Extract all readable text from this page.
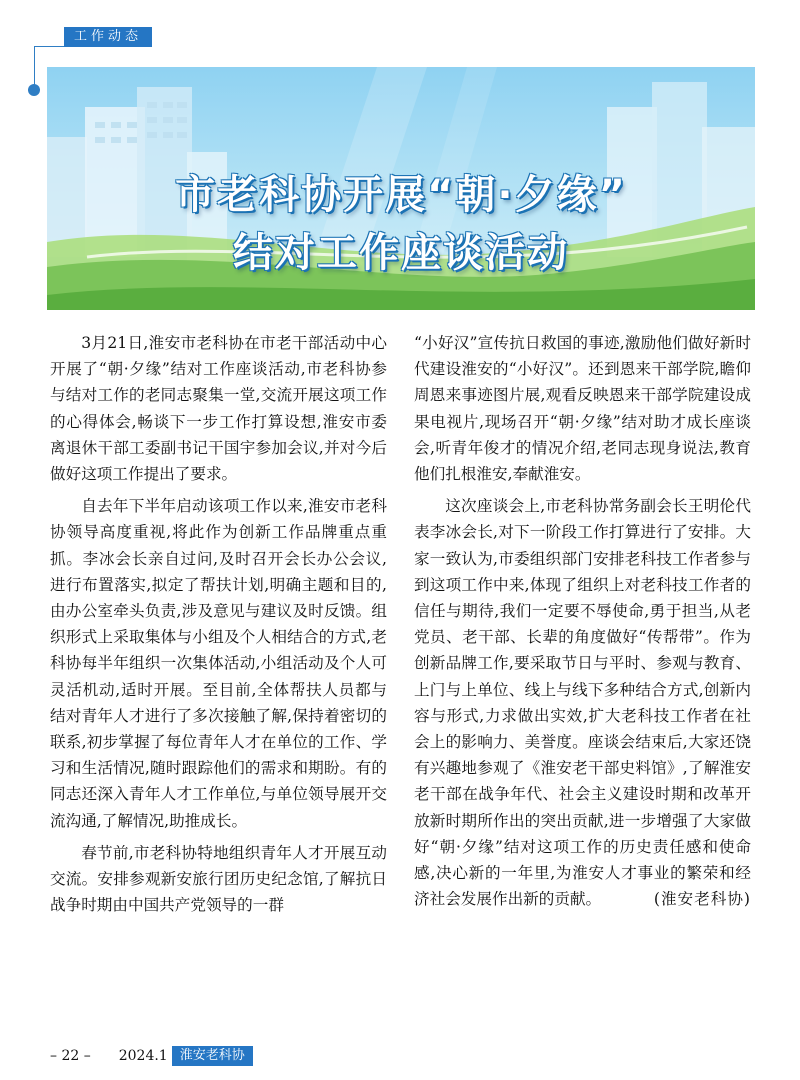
工作动态
市老科协开展“朝·夕缘”
结对工作座谈活动

3月21日,淮安市老科协在市老干部活动中心开展了“朝·夕缘”结对工作座谈活动,市老科协参与结对工作的老同志聚集一堂,交流开展这项工作的心得体会,畅谈下一步工作打算设想,淮安市委离退休干部工委副书记干国宇参加会议,并对今后做好这项工作提出了要求。

自去年下半年启动该项工作以来,淮安市老科协领导高度重视,将此作为创新工作品牌重点重抓。李冰会长亲自过问,及时召开会长办公会议,进行布置落实,拟定了帮扶计划,明确主题和目的,由办公室牵头负责,涉及意见与建议及时反馈。组织形式上采取集体与小组及个人相结合的方式,老科协每半年组织一次集体活动,小组活动及个人可灵活机动,适时开展。至目前,全体帮扶人员都与结对青年人才进行了多次接触了解,保持着密切的联系,初步掌握了每位青年人才在单位的工作、学习和生活情况,随时跟踪他们的需求和期盼。有的同志还深入青年人才工作单位,与单位领导展开交流沟通,了解情况,助推成长。

春节前,市老科协特地组织青年人才开展互动交流。安排参观新安旅行团历史纪念馆,了解抗日战争时期由中国共产党领导的一群

“小好汉”宣传抗日救国的事迹,激励他们做好新时代建设淮安的“小好汉”。还到恩来干部学院,瞻仰周恩来事迹图片展,观看反映恩来干部学院建设成果电视片,现场召开“朝·夕缘”结对助才成长座谈会,听青年俊才的情况介绍,老同志现身说法,教育他们扎根淮安,奉献淮安。

这次座谈会上,市老科协常务副会长王明伦代表李冰会长,对下一阶段工作打算进行了安排。大家一致认为,市委组织部门安排老科技工作者参与到这项工作中来,体现了组织上对老科技工作者的信任与期待,我们一定要不辱使命,勇于担当,从老党员、老干部、长辈的角度做好“传帮带”。作为创新品牌工作,要采取节日与平时、参观与教育、上门与上单位、线上与线下多种结合方式,创新内容与形式,力求做出实效,扩大老科技工作者在社会上的影响力、美誉度。座谈会结束后,大家还饶有兴趣地参观了《淮安老干部史料馆》,了解淮安老干部在战争年代、社会主义建设时期和改革开放新时期所作出的突出贡献,进一步增强了大家做好“朝·夕缘”结对这项工作的历史责任感和使命感,决心新的一年里,为淮安人才事业的繁荣和经济社会发展作出新的贡献。	(淮安老科协)

– 22 – 2024.1 淮安老科协
